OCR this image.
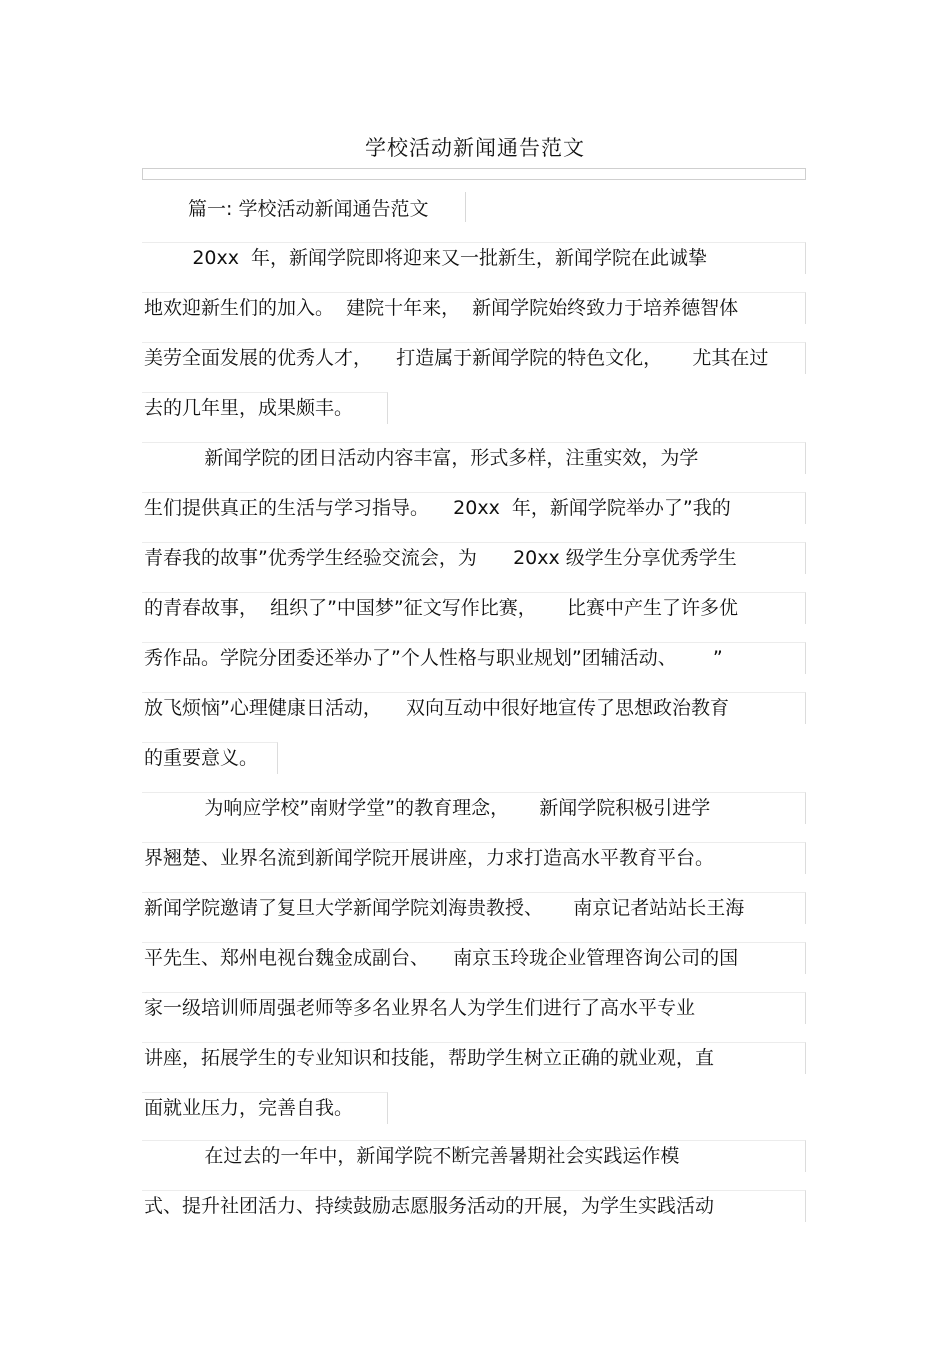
学校活动新闻通告范文
篇一: 学校活动新闻通告范文
20xx  年，新闻学院即将迎来又一批新生，新闻学院在此诚挚
地欢迎新生们的加入。  建院十年来，  新闻学院始终致力于培养德智体
美劳全面发展的优秀人才，    打造属于新闻学院的特色文化，     尤其在过
去的几年里，成果颇丰。
新闻学院的团日活动内容丰富，形式多样，注重实效，为学
生们提供真正的生活与学习指导。    20xx  年，新闻学院举办了”我的
青春我的故事”优秀学生经验交流会，为      20xx 级学生分享优秀学生
的青春故事，  组织了”中国梦”征文写作比赛，     比赛中产生了许多优
秀作品。学院分团委还举办了”个人性格与职业规划”团辅活动、      ”
放飞烦恼”心理健康日活动，    双向互动中很好地宣传了思想政治教育
的重要意义。
为响应学校”南财学堂”的教育理念，     新闻学院积极引进学
界翘楚、业界名流到新闻学院开展讲座，力求打造高水平教育平台。
新闻学院邀请了复旦大学新闻学院刘海贵教授、     南京记者站站长王海
平先生、郑州电视台魏金成副台、    南京玉玲珑企业管理咨询公司的国
家一级培训师周强老师等多名业界名人为学生们进行了高水平专业
讲座，拓展学生的专业知识和技能，帮助学生树立正确的就业观，直
面就业压力，完善自我。
在过去的一年中，新闻学院不断完善暑期社会实践运作模
式、提升社团活力、持续鼓励志愿服务活动的开展，为学生实践活动
